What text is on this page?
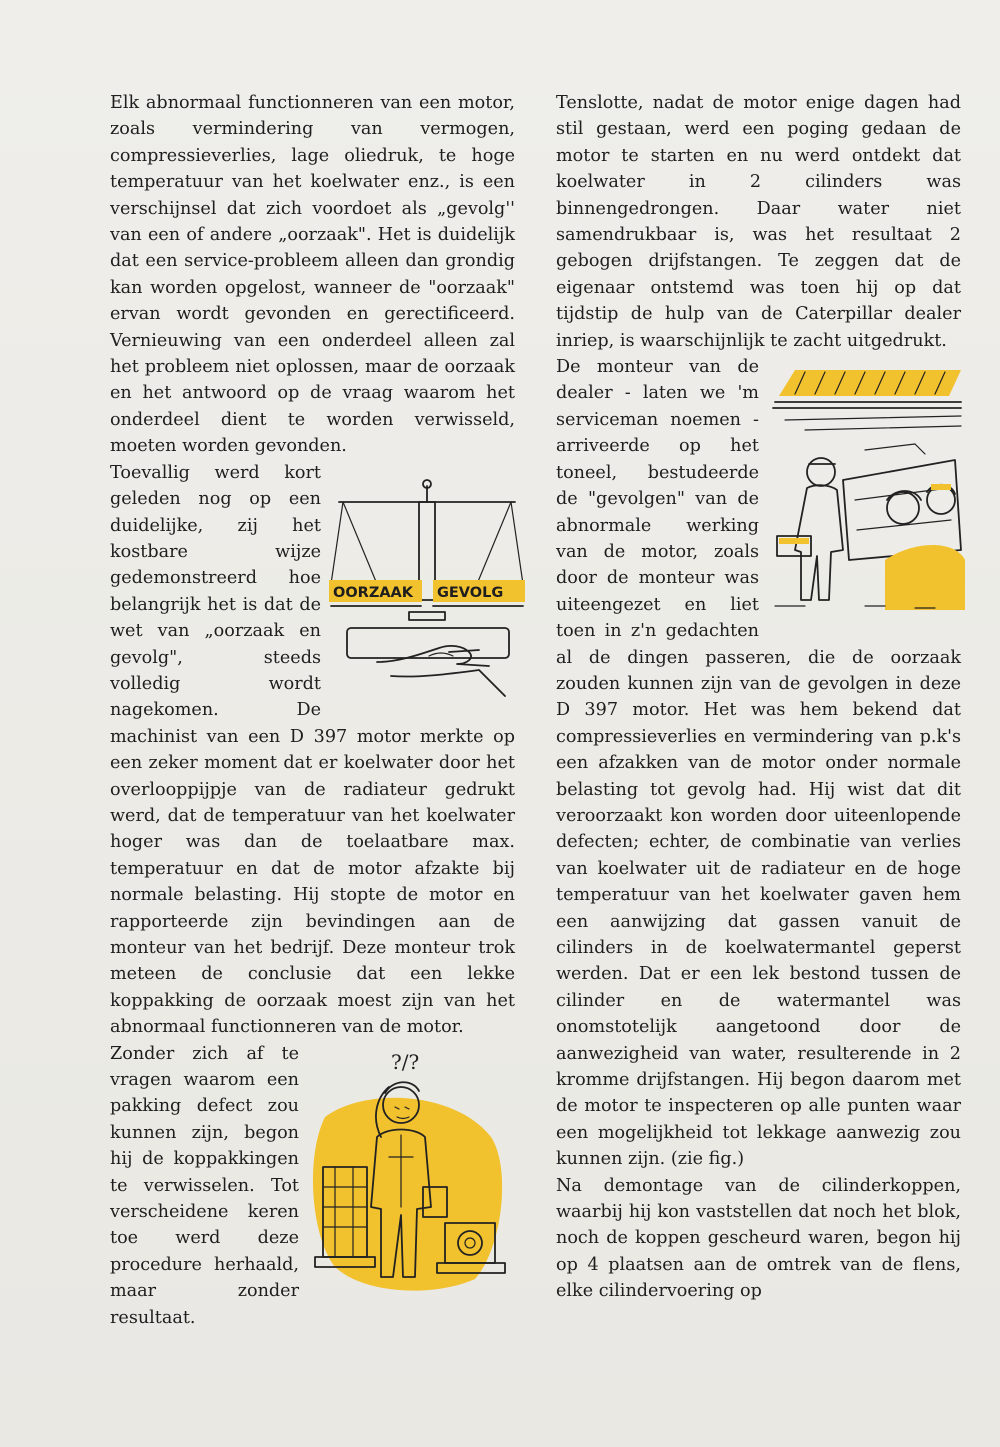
Elk abnormaal functionneren van een motor, zoals vermindering van vermogen, compressieverlies, lage oliedruk, te hoge temperatuur van het koelwater enz., is een verschijnsel dat zich voordoet als „gevolg'' van een of andere „oorzaak". Het is duidelijk dat een service-probleem alleen dan grondig kan worden opgelost, wanneer de "oorzaak" ervan wordt gevonden en gerectificeerd. Vernieuwing van een onderdeel alleen zal het probleem niet oplossen, maar de oorzaak en het antwoord op de vraag waarom het onderdeel dient te worden verwisseld, moeten worden gevonden.

OORZAAK GEVOLG

Toevallig werd kort geleden nog op een duidelijke, zij het kostbare wijze gedemonstreerd hoe belangrijk het is dat de wet van „oorzaak en gevolg", steeds volledig wordt nagekomen. De machinist van een D 397 motor merkte op een zeker moment dat er koelwater door het overlooppijpje van de radiateur gedrukt werd, dat de temperatuur van het koelwater hoger was dan de toelaatbare max. temperatuur en dat de motor afzakte bij normale belasting. Hij stopte de motor en rapporteerde zijn bevindingen aan de monteur van het bedrijf. Deze monteur trok meteen de conclusie dat een lekke koppakking de oorzaak moest zijn van het abnormaal functionneren van de motor.

?/?

Zonder zich af te vragen waarom een pakking defect zou kunnen zijn, begon hij de koppakkingen te verwisselen. Tot verscheidene keren toe werd deze procedure herhaald, maar zonder resultaat.

Tenslotte, nadat de motor enige dagen had stil gestaan, werd een poging gedaan de motor te starten en nu werd ontdekt dat koelwater in 2 cilinders was binnengedrongen. Daar water niet samendrukbaar is, was het resultaat 2 gebogen drijfstangen. Te zeggen dat de eigenaar ontstemd was toen hij op dat tijdstip de hulp van de Caterpillar dealer inriep, is waarschijnlijk te zacht uitgedrukt.

De monteur van de dealer - laten we 'm serviceman noemen - arriveerde op het toneel, bestudeerde de "gevolgen" van de abnormale werking van de motor, zoals door de monteur was uiteengezet en liet toen in z'n gedachten al de dingen passeren, die de oorzaak zouden kunnen zijn van de gevolgen in deze D 397 motor. Het was hem bekend dat compressieverlies en vermindering van p.k's een afzakken van de motor onder normale belasting tot gevolg had. Hij wist dat dit veroorzaakt kon worden door uiteenlopende defecten; echter, de combinatie van verlies van koelwater uit de radiateur en de hoge temperatuur van het koelwater gaven hem een aanwijzing dat gassen vanuit de cilinders in de koelwatermantel geperst werden. Dat er een lek bestond tussen de cilinder en de watermantel was onomstotelijk aangetoond door de aanwezigheid van water, resulterende in 2 kromme drijfstangen. Hij begon daarom met de motor te inspecteren op alle punten waar een mogelijkheid tot lekkage aanwezig zou kunnen zijn. (zie fig.)

Na demontage van de cilinderkoppen, waarbij hij kon vaststellen dat noch het blok, noch de koppen gescheurd waren, begon hij op 4 plaatsen aan de omtrek van de flens, elke cilindervoering op
